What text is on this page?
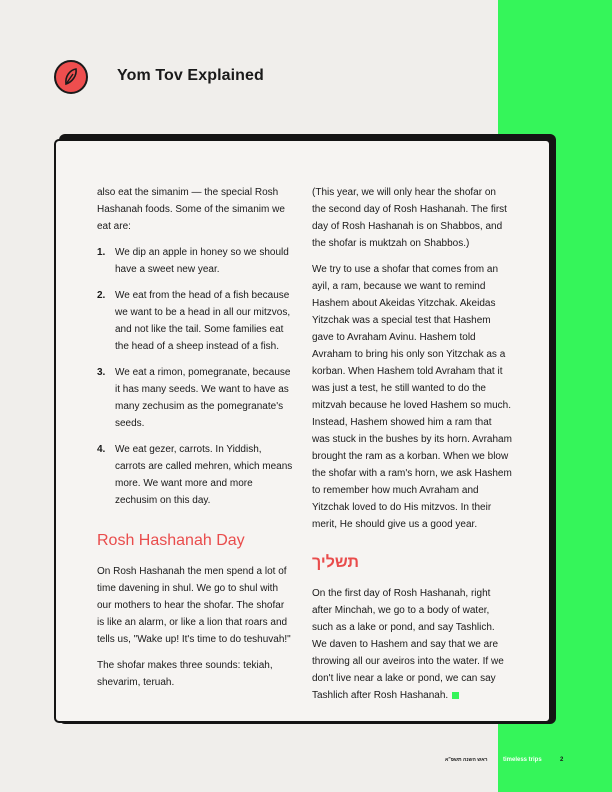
Yom Tov Explained

also eat the simanim — the special Rosh Hashanah foods. Some of the simanim we eat are:

1. We dip an apple in honey so we should have a sweet new year.
2. We eat from the head of a fish because we want to be a head in all our mitzvos, and not like the tail. Some families eat the head of a sheep instead of a fish.
3. We eat a rimon, pomegranate, because it has many seeds. We want to have as many zechusim as the pomegranate's seeds.
4. We eat gezer, carrots. In Yiddish, carrots are called mehren, which means more. We want more and more zechusim on this day.
Rosh Hashanah Day

On Rosh Hashanah the men spend a lot of time davening in shul. We go to shul with our mothers to hear the shofar. The shofar is like an alarm, or like a lion that roars and tells us, "Wake up! It's time to do teshuvah!"

The shofar makes three sounds: tekiah, shevarim, teruah.

(This year, we will only hear the shofar on the second day of Rosh Hashanah. The first day of Rosh Hashanah is on Shabbos, and the shofar is muktzah on Shabbos.)

We try to use a shofar that comes from an ayil, a ram, because we want to remind Hashem about Akeidas Yitzchak. Akeidas Yitzchak was a special test that Hashem gave to Avraham Avinu. Hashem told Avraham to bring his only son Yitzchak as a korban. When Hashem told Avraham that it was just a test, he still wanted to do the mitzvah because he loved Hashem so much. Instead, Hashem showed him a ram that was stuck in the bushes by its horn. Avraham brought the ram as a korban. When we blow the shofar with a ram's horn, we ask Hashem to remember how much Avraham and Yitzchak loved to do His mitzvos. In their merit, He should give us a good year.

תשליך

On the first day of Rosh Hashanah, right after Minchah, we go to a body of water, such as a lake or pond, and say Tashlich. We daven to Hashem and say that we are throwing all our aveiros into the water. If we don't live near a lake or pond, we can say Tashlich after Rosh Hashanah.

ראש השנה תשפ"א	timeless trips	2
